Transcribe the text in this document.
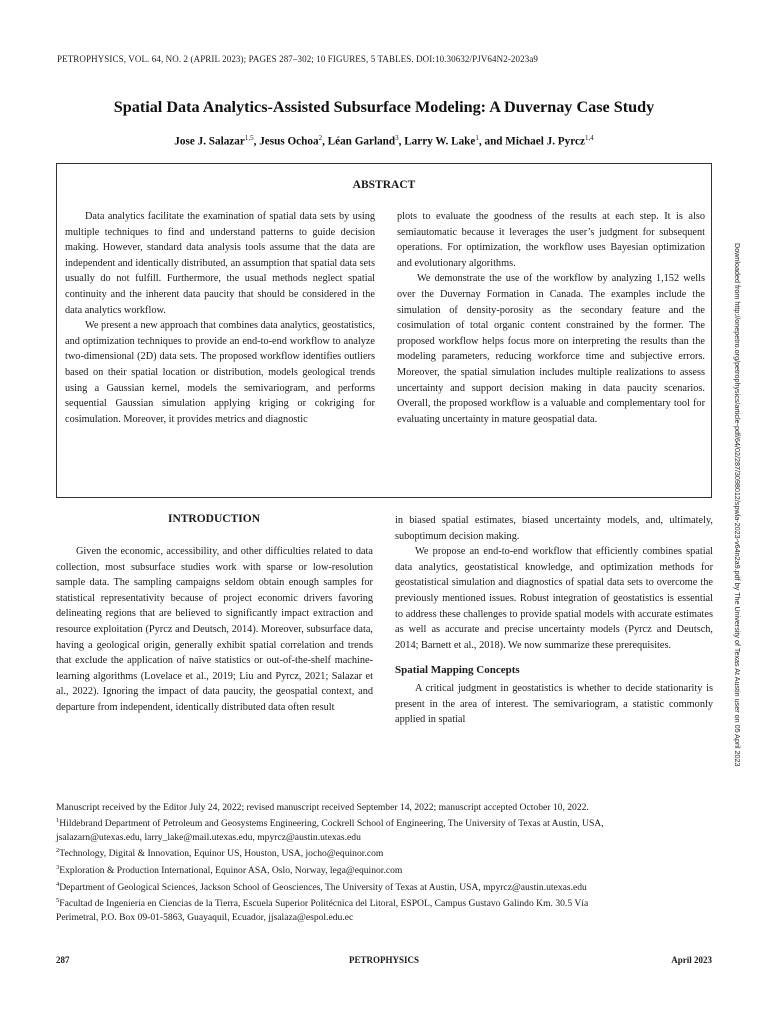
PETROPHYSICS, VOL. 64, NO. 2 (APRIL 2023); PAGES 287–302; 10 FIGURES, 5 TABLES. DOI:10.30632/PJV64N2-2023a9
Spatial Data Analytics-Assisted Subsurface Modeling: A Duvernay Case Study
Jose J. Salazar$^{1,5}$, Jesus Ochoa$^2$, Léan Garland$^3$, Larry W. Lake$^1$, and Michael J. Pyrcz$^{1,4}$
ABSTRACT

Data analytics facilitate the examination of spatial data sets by using multiple techniques to find and understand patterns to guide decision making. However, standard data analysis tools assume that the data are independent and identically distributed, an assumption that spatial data sets usually do not fulfill. Furthermore, the usual methods neglect spatial continuity and the inherent data paucity that should be considered in the data analytics workflow.

We present a new approach that combines data analytics, geostatistics, and optimization techniques to provide an end-to-end workflow to analyze two-dimensional (2D) data sets. The proposed workflow identifies outliers based on their spatial location or distribution, models geological trends using a Gaussian kernel, models the semivariogram, and performs sequential Gaussian simulation applying kriging or cokriging for cosimulation. Moreover, it provides metrics and diagnostic

plots to evaluate the goodness of the results at each step. It is also semiautomatic because it leverages the user’s judgment for subsequent operations. For optimization, the workflow uses Bayesian optimization and evolutionary algorithms.

We demonstrate the use of the workflow by analyzing 1,152 wells over the Duvernay Formation in Canada. The examples include the simulation of density-porosity as the secondary feature and the cosimulation of total organic content constrained by the former. The proposed workflow helps focus more on interpreting the results than the modeling parameters, reducing workforce time and subjective errors. Moreover, the spatial simulation includes multiple realizations to assess uncertainty and support decision making in data paucity scenarios. Overall, the proposed workflow is a valuable and complementary tool for evaluating uncertainty in mature geospatial data.

INTRODUCTION

Given the economic, accessibility, and other difficulties related to data collection, most subsurface studies work with sparse or low-resolution sample data. The sampling campaigns seldom obtain enough samples for statistical representativity because of project economic drivers favoring delineating regions that are believed to significantly impact extraction and resource exploitation (Pyrcz and Deutsch, 2014). Moreover, subsurface data, having a geological origin, generally exhibit spatial correlation and trends that exclude the application of naïve statistics or out-of-the-shelf machine-learning algorithms (Lovelace et al., 2019; Liu and Pyrcz, 2021; Salazar et al., 2022). Ignoring the impact of data paucity, the geospatial context, and departure from independent, identically distributed data often result

in biased spatial estimates, biased uncertainty models, and, ultimately, suboptimum decision making.

We propose an end-to-end workflow that efficiently combines spatial data analytics, geostatistical knowledge, and optimization methods for geostatistical simulation and diagnostics of spatial data sets to overcome the previously mentioned issues. Robust integration of geostatistics is essential to address these challenges to provide spatial models with accurate estimates as well as accurate and precise uncertainty models (Pyrcz and Deutsch, 2014; Barnett et al., 2018). We now summarize these prerequisites.

Spatial Mapping Concepts

A critical judgment in geostatistics is whether to decide stationarity is present in the area of interest. The semivariogram, a statistic commonly applied in spatial

Manuscript received by the Editor July 24, 2022; revised manuscript received September 14, 2022; manuscript accepted October 10, 2022.
$^1$Hildebrand Department of Petroleum and Geosystems Engineering, Cockrell School of Engineering, The University of Texas at Austin, USA,
jsalazarn@utexas.edu, larry_lake@mail.utexas.edu, mpyrcz@austin.utexas.edu
$^2$Technology, Digital & Innovation, Equinor US, Houston, USA, jocho@equinor.com
$^3$Exploration & Production International, Equinor ASA, Oslo, Norway, lega@equinor.com
$^4$Department of Geological Sciences, Jackson School of Geosciences, The University of Texas at Austin, USA, mpyrcz@austin.utexas.edu
$^5$Facultad de Ingeniería en Ciencias de la Tierra, Escuela Superior Politécnica del Litoral, ESPOL, Campus Gustavo Galindo Km. 30.5 Vía
Perimetral, P.O. Box 09-01-5863, Guayaquil, Ecuador, jjsalaza@espol.edu.ec
287	PETROPHYSICS	April 2023
Downloaded from http://onepetro.org/petrophysics/article-pdf/64/02/287/3098012/spwla-2023-v64n2a9.pdf by The University of Texas At Austin user on 05 April 2023
